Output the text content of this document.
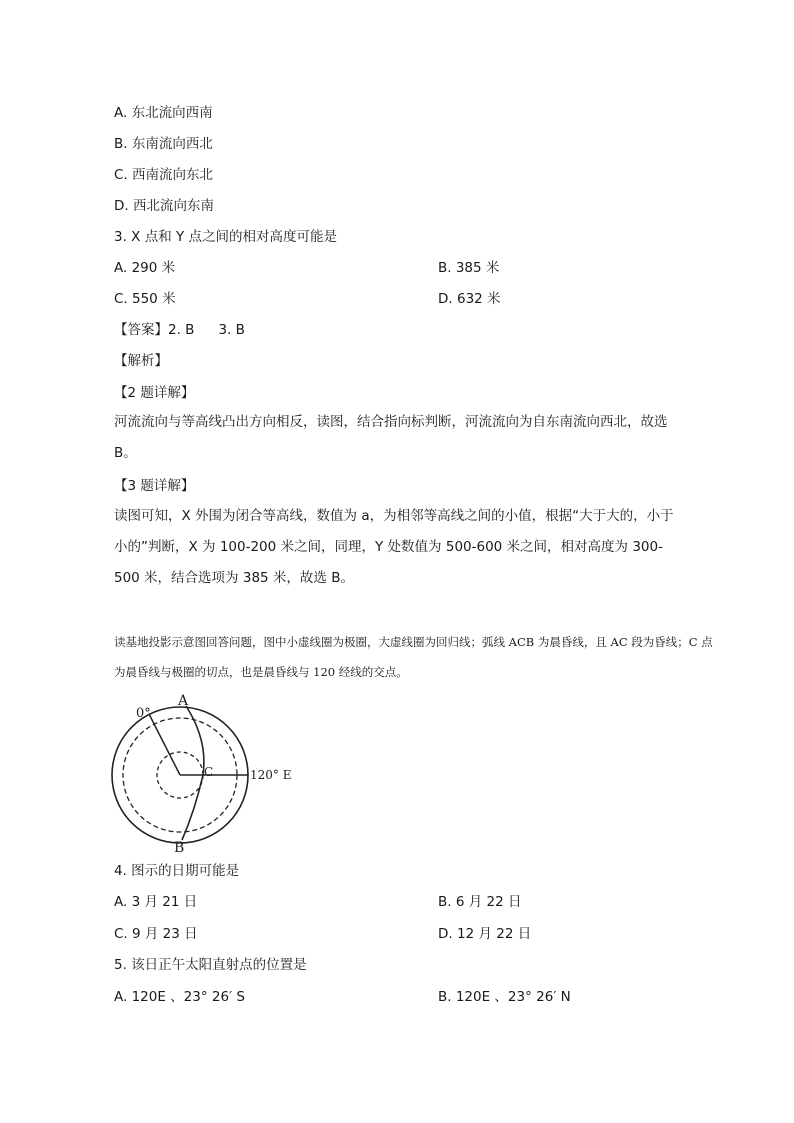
A. 东北流向西南
B. 东南流向西北
C. 西南流向东北
D. 西北流向东南
3. X 点和 Y 点之间的相对高度可能是
A. 290 米	B. 385 米
C. 550 米	D. 632 米
【答案】2. B 3. B
【解析】
【2 题详解】
河流流向与等高线凸出方向相反，读图，结合指向标判断，河流流向为自东南流向西北，故选 B。
【3 题详解】
读图可知，X 外围为闭合等高线，数值为 a，为相邻等高线之间的小值，根据“大于大的，小于小的”判断，X 为 100-200 米之间，同理，Y 处数值为 500-600 米之间，相对高度为 300-500 米，结合选项为 385 米，故选 B。
读基地投影示意图回答问题，图中小虚线圈为极圈，大虚线圈为回归线；弧线 ACB 为晨昏线，且 AC 段为昏线；C 点为晨昏线与极圈的切点，也是晨昏线与 120 经线的交点。
0°
A
B
C	120° E
4. 图示的日期可能是
A. 3 月 21 日	B. 6 月 22 日
C. 9 月 23 日	D. 12 月 22 日
5. 该日正午太阳直射点的位置是
A. 120E 、23° 26′ S	B. 120E 、23° 26′ N
